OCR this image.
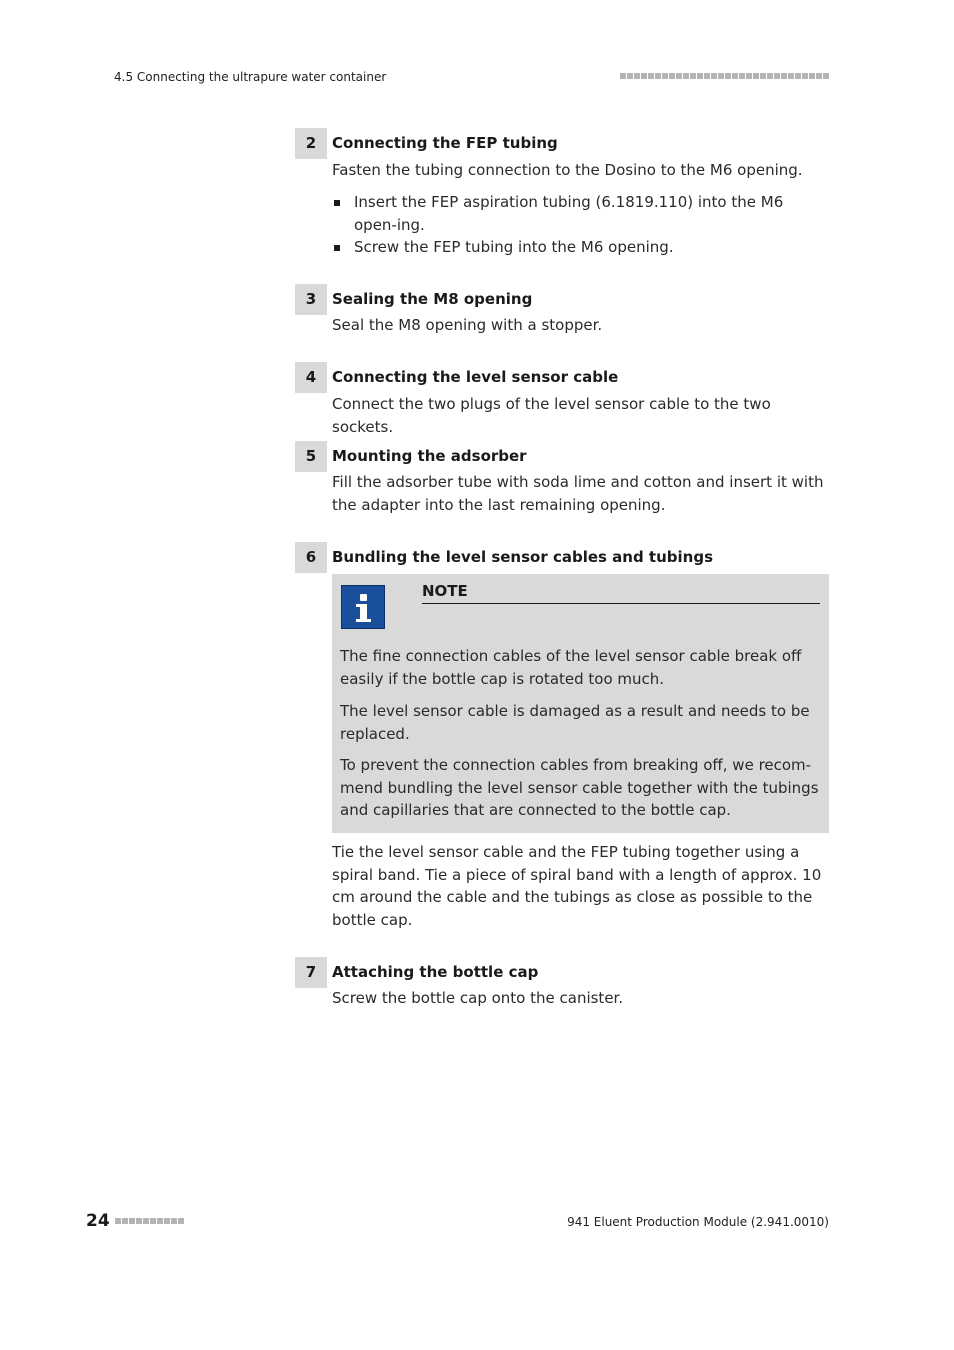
4.5 Connecting the ultrapure water container
2	Connecting the FEP tubing
Fasten the tubing connection to the Dosino to the M6 opening.
Insert the FEP aspiration tubing (6.1819.110) into the M6 open-ing.
Screw the FEP tubing into the M6 opening.
3	Sealing the M8 opening
Seal the M8 opening with a stopper.
4	Connecting the level sensor cable
Connect the two plugs of the level sensor cable to the two sockets.
5	Mounting the adsorber
Fill the adsorber tube with soda lime and cotton and insert it with the adapter into the last remaining opening.
6	Bundling the level sensor cables and tubings
NOTE
The fine connection cables of the level sensor cable break off easily if the bottle cap is rotated too much.
The level sensor cable is damaged as a result and needs to be replaced.
To prevent the connection cables from breaking off, we recom-mend bundling the level sensor cable together with the tubings and capillaries that are connected to the bottle cap.
Tie the level sensor cable and the FEP tubing together using a spiral band. Tie a piece of spiral band with a length of approx. 10 cm around the cable and the tubings as close as possible to the bottle cap.
7	Attaching the bottle cap
Screw the bottle cap onto the canister.
24	941 Eluent Production Module (2.941.0010)
